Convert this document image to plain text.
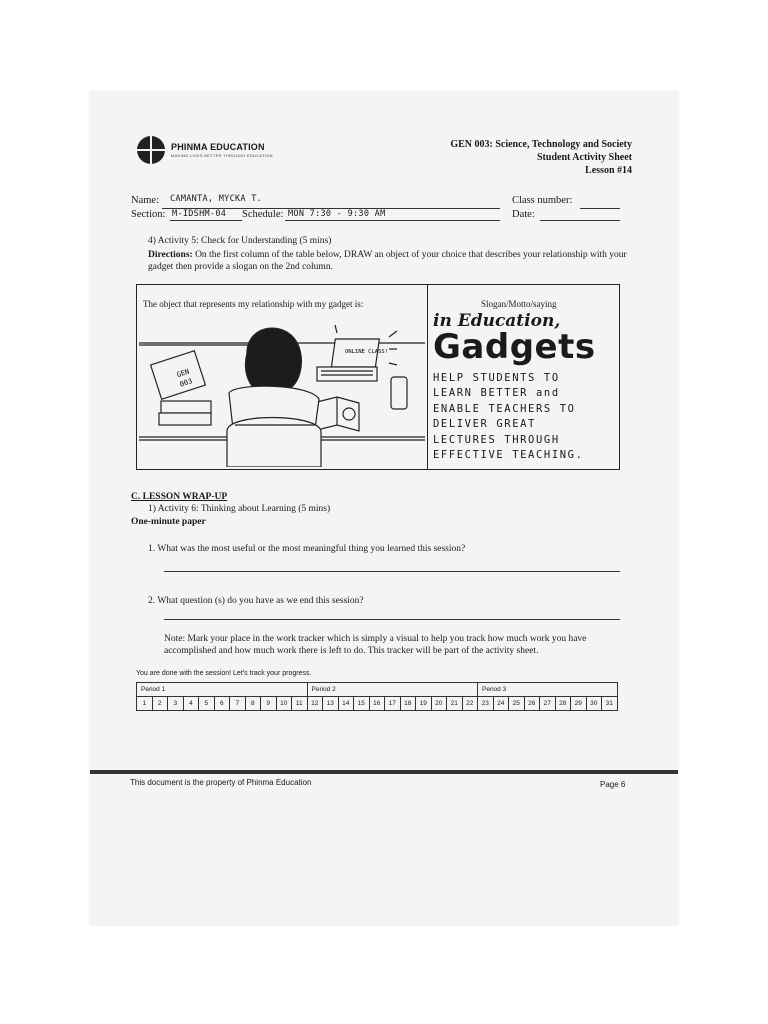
PHINMA EDUCATION
MAKING LIVES BETTER THROUGH EDUCATION
GEN 003: Science, Technology and Society
Student Activity Sheet
Lesson #14
Name: CAMANTA, MYCKA T.	Class number:
Section: M-IDSHM-04 Schedule: MON 7:30 - 9:30 AM	Date:
4) Activity 5: Check for Understanding (5 mins)
Directions: On the first column of the table below, DRAW an object of your choice that describes your relationship with your gadget then provide a slogan on the 2nd column.
The object that represents my relationship with my gadget is:	Slogan/Motto/saying
GEN
003
ONLINE CLASS!
in Education,
Gadgets
HELP STUDENTS TO
LEARN BETTER and
ENABLE TEACHERS TO
DELIVER GREAT
LECTURES THROUGH
EFFECTIVE TEACHING.
C. LESSON WRAP-UP
1) Activity 6: Thinking about Learning (5 mins)
One-minute paper
1. What was the most useful or the most meaningful thing you learned this session?
2. What question (s) do you have as we end this session?
Note: Mark your place in the work tracker which is simply a visual to help you track how much work you have accomplished and how much work there is left to do. This tracker will be part of the activity sheet.
You are done with the session! Let's track your progress.
Period 1											Period 2											Period 3								
1	2	3	4	5	6	7	8	9	10	11	12	13	14	15	16	17	18	19	20	21	22	23	24	25	26	27	28	29	30	31
This document is the property of Phinma Education	Page 6
